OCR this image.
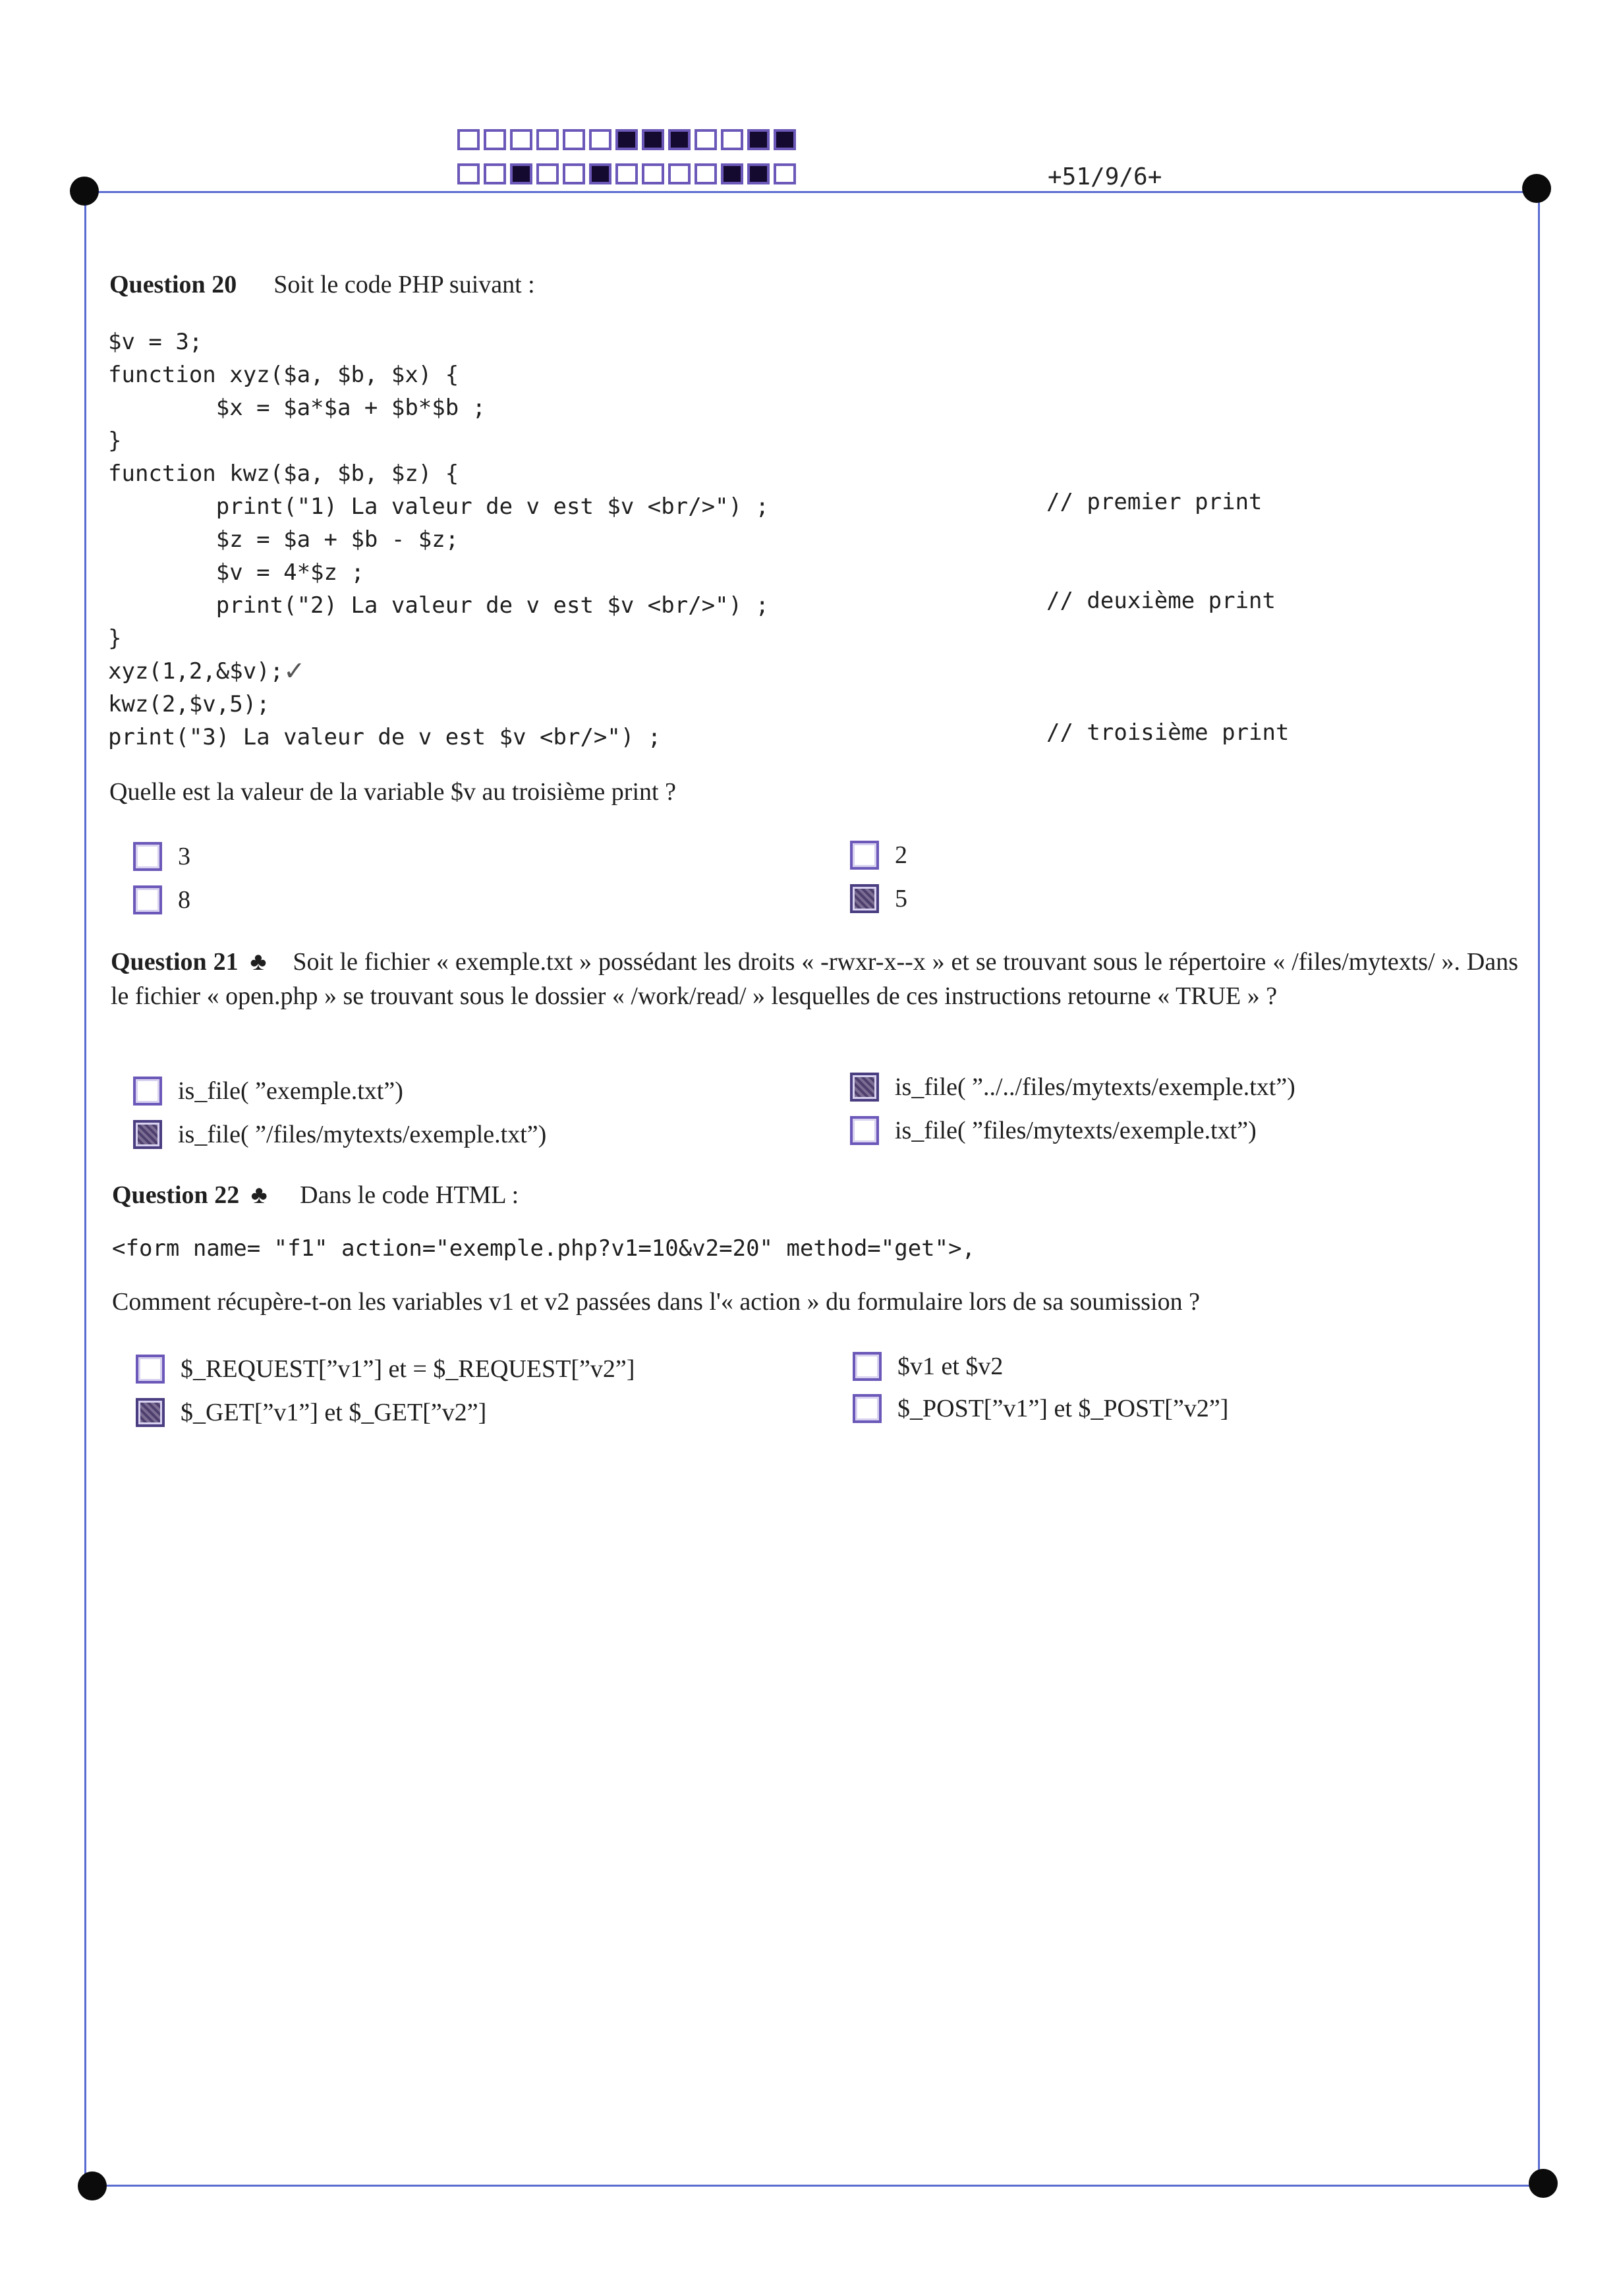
+51/9/6+
Question 20 Soit le code PHP suivant :
$v = 3;
function xyz($a, $b, $x) {
$x = $a*$a + $b*$b ;
}
function kwz($a, $b, $z) {
print("1) La valeur de v est $v <br/>") ;
$z = $a + $b - $z;
$v = 4*$z ;
print("2) La valeur de v est $v <br/>") ;
}
xyz(1,2,&$v);
kwz(2,$v,5);
print("3) La valeur de v est $v <br/>") ;
// premier print
// deuxième print
// troisième print
✓
Quelle est la valeur de la variable $v au troisième print ?
3
8
2
5
Question 21 ♣ Soit le fichier « exemple.txt » possédant les droits « -rwxr-x--x » et se trouvant sous le répertoire « /files/mytexts/ ». Dans le fichier « open.php » se trouvant sous le dossier « /work/read/ » lesquelles de ces instructions retourne « TRUE » ?
is_file( ”exemple.txt”)
is_file( ”/files/mytexts/exemple.txt”)
is_file( ”../../files/mytexts/exemple.txt”)
is_file( ”files/mytexts/exemple.txt”)
Question 22 ♣ Dans le code HTML :
<form name= "f1" action="exemple.php?v1=10&v2=20" method="get">,
Comment récupère-t-on les variables v1 et v2 passées dans l'« action » du formulaire lors de sa soumission ?
$_REQUEST[”v1”] et = $_REQUEST[”v2”]
$_GET[”v1”] et $_GET[”v2”]
$v1 et $v2
$_POST[”v1”] et $_POST[”v2”]
